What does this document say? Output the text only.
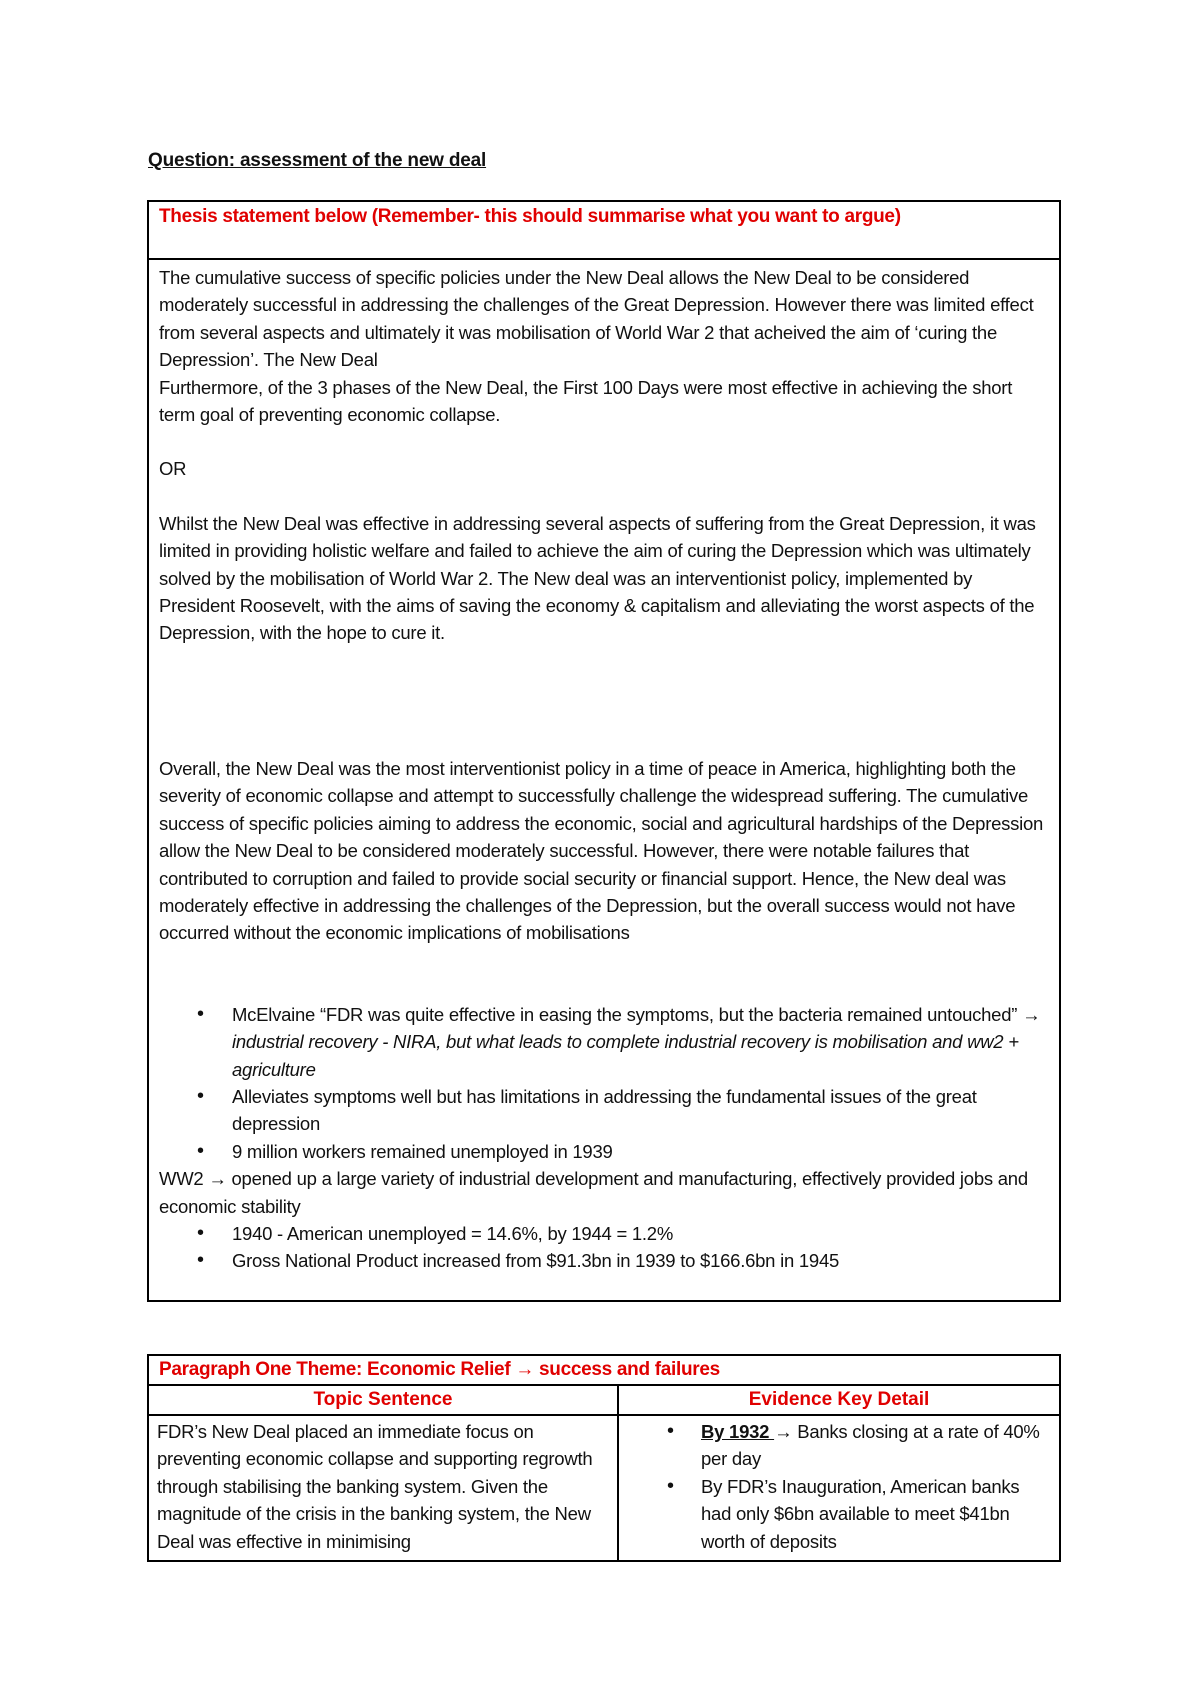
Question: assessment of the new deal
Thesis statement below (Remember- this should summarise what you want to argue)

The cumulative success of specific policies under the New Deal allows the New Deal to be considered moderately successful in addressing the challenges of the Great Depression. However there was limited effect from several aspects and ultimately it was mobilisation of World War 2 that acheived the aim of ‘curing the Depression’. The New Deal

Furthermore, of the 3 phases of the New Deal, the First 100 Days were most effective in achieving the short term goal of preventing economic collapse.

OR

Whilst the New Deal was effective in addressing several aspects of suffering from the Great Depression, it was limited in providing holistic welfare and failed to achieve the aim of curing the Depression which was ultimately solved by the mobilisation of World War 2. The New deal was an interventionist policy, implemented by President Roosevelt, with the aims of saving the economy & capitalism and alleviating the worst aspects of the Depression, with the hope to cure it.

Overall, the New Deal was the most interventionist policy in a time of peace in America, highlighting both the severity of economic collapse and attempt to successfully challenge the widespread suffering. The cumulative success of specific policies aiming to address the economic, social and agricultural hardships of the Depression allow the New Deal to be considered moderately successful. However, there were notable failures that contributed to corruption and failed to provide social security or financial support. Hence, the New deal was moderately effective in addressing the challenges of the Depression, but the overall success would not have occurred without the economic implications of mobilisations

• McElvaine “FDR was quite effective in easing the symptoms, but the bacteria remained untouched” → industrial recovery - NIRA, but what leads to complete industrial recovery is mobilisation and ww2 + agriculture
• Alleviates symptoms well but has limitations in addressing the fundamental issues of the great depression
• 9 million workers remained unemployed in 1939

WW2 → opened up a large variety of industrial development and manufacturing, effectively provided jobs and economic stability

• 1940 - American unemployed = 14.6%, by 1944 = 1.2%
• Gross National Product increased from $91.3bn in 1939 to $166.6bn in 1945
Paragraph One Theme: Economic Relief → success and failures
Topic Sentence	Evidence Key Detail
FDR’s New Deal placed an immediate focus on preventing economic collapse and supporting regrowth through stabilising the banking system. Given the magnitude of the crisis in the banking system, the New Deal was effective in minimising
• By 1932 → Banks closing at a rate of 40% per day
• By FDR’s Inauguration, American banks had only $6bn available to meet $41bn worth of deposits
